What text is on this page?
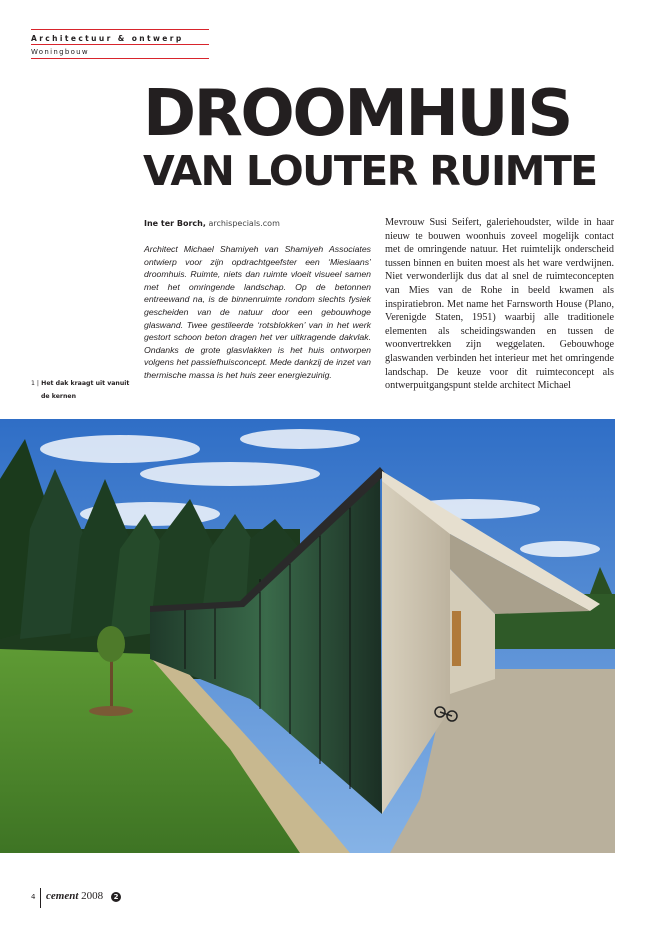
Architectuur & ontwerp
Woningbouw
DROOMHUIS
VAN LOUTER RUIMTE
Ine ter Borch, archispecials.com
Architect Michael Shamiyeh van Shamiyeh Associates ontwierp voor zijn opdrachtgeefster een ‘Miesiaans’ droomhuis. Ruimte, niets dan ruimte vloeit visueel samen met het omringende landschap. Op de betonnen entreewand na, is de binnenruimte rondom slechts fysiek gescheiden van de natuur door een gebouwhoge glaswand. Twee gestileerde ‘rotsblokken’ van in het werk gestort schoon beton dragen het ver uitkragende dakvlak. Ondanks de grote glasvlakken is het huis ontworpen volgens het passiefhuisconcept. Mede dankzij de inzet van thermische massa is het huis zeer energiezuinig.
Mevrouw Susi Seifert, galeriehoudster, wilde in haar nieuw te bouwen woonhuis zoveel mogelijk contact met de omringende natuur. Het ruimtelijk onderscheid tussen binnen en buiten moest als het ware verdwijnen. Niet verwonderlijk dus dat al snel de ruimteconcepten van Mies van de Rohe in beeld kwamen als inspiratiebron. Met name het Farnsworth House (Plano, Verenigde Staten, 1951) waarbij alle traditionele elementen als scheidingswanden en tussen de woonvertrekken zijn weggelaten. Gebouwhoge glaswanden verbinden het interieur met het omringende landschap. De keuze voor dit ruimteconcept als ontwerpuitgangspunt stelde architect Michael
1 | Het dak kraagt uit vanuit
de kernen
4 cement 2008	2
